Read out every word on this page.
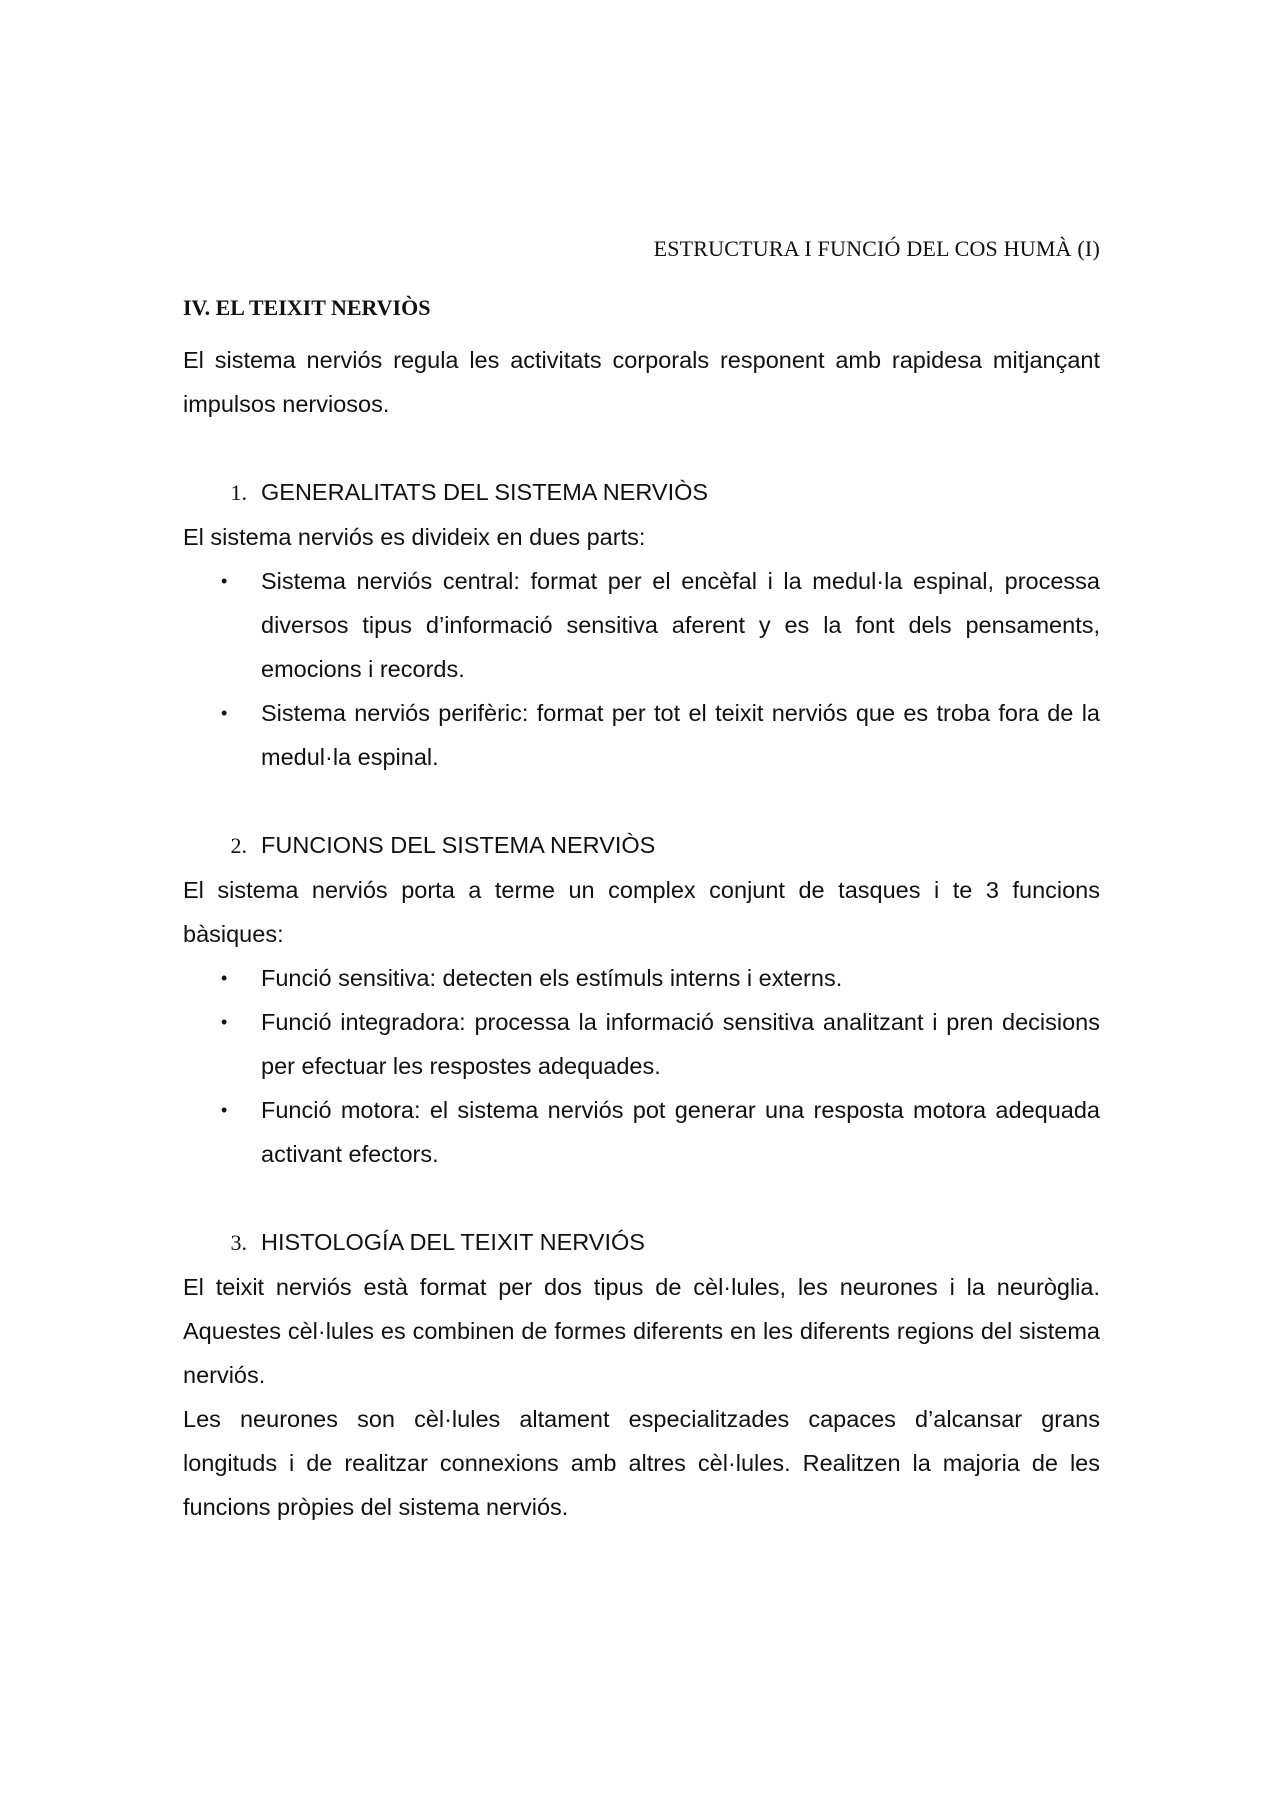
ESTRUCTURA I FUNCIÓ DEL COS HUMÀ (I)
IV. EL TEIXIT NERVIÒS

El sistema nerviós regula les activitats corporals responent amb rapidesa mitjançant impulsos nerviosos.

1. GENERALITATS DEL SISTEMA NERVIÒS

El sistema nerviós es divideix en dues parts:

•	Sistema nerviós central: format per el encèfal i la medul·la espinal, processa diversos tipus d’informació sensitiva aferent y es la font dels pensaments, emocions i records.
•	Sistema nerviós perifèric: format per tot el teixit nerviós que es troba fora de la medul·la espinal.
2. FUNCIONS DEL SISTEMA NERVIÒS

El sistema nerviós porta a terme un complex conjunt de tasques i te 3 funcions bàsiques:

•	Funció sensitiva: detecten els estímuls interns i externs.
•	Funció integradora: processa la informació sensitiva analitzant i pren decisions per efectuar les respostes adequades.
•	Funció motora: el sistema nerviós pot generar una resposta motora adequada activant efectors.
3. HISTOLOGÍA DEL TEIXIT NERVIÓS

El teixit nerviós està format per dos tipus de cèl·lules, les neurones i la neuròglia. Aquestes cèl·lules es combinen de formes diferents en les diferents regions del sistema nerviós.

Les neurones son cèl·lules altament especialitzades capaces d’alcansar grans longituds i de realitzar connexions amb altres cèl·lules. Realitzen la majoria de les funcions pròpies del sistema nerviós.
